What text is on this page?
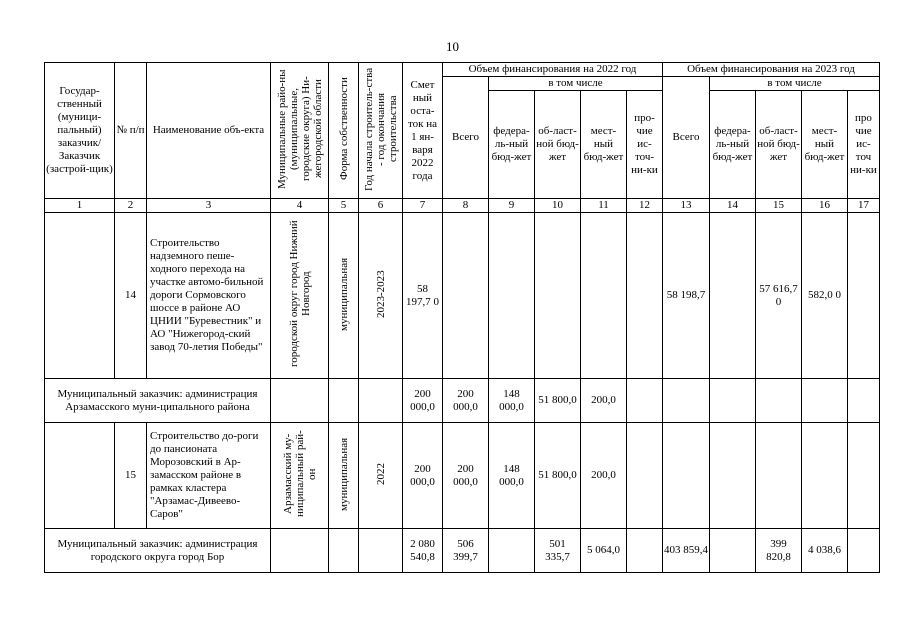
10
Государ-ственный (муници-пальный) заказчик/ Заказчик (застрой-щик)	№ п/п	Наименование объ-екта	Муниципальные райо-ны (муниципальные, городские округа) Ни-жегородской области	Форма собственности	Год начала строитель-ства - год окончания строительства	Смет ный оста-ток на 1 ян-варя 2022 года	Объем финансирования на 2022 год					Объем финансирования на 2023 год				
							Всего	в том числе				Всего	в том числе			
								федера-ль-ный бюд-жет	об-ласт-ной бюд-жет	мест-ный бюд-жет	про-чие ис-точ-ни-ки		федера-ль-ный бюд-жет	об-ласт-ной бюд-жет	мест-ный бюд-жет	про чие ис-точ ни-ки
1	2	3	4	5	6	7	8	9	10	11	12	13	14	15	16	17
	14	Строительство надземного пеше-ходного перехода на участке автомо-бильной дороги Сормовского шоссе в районе АО ЦНИИ "Буревестник" и АО "Нижегород-ский завод 70-летия Победы"	городской округ город Нижний Новгород	муниципальная	2023-2023	58 197,7 0						58 198,7		57 616,7 0	582,0 0	
Муниципальный заказчик: администрация Арзамасского муни-ципального района						200 000,0	200 000,0	148 000,0	51 800,0	200,0						
	15	Строительство до-роги до пансионата Морозовский в Ар-замасском районе в рамках кластера "Арзамас-Дивеево-Саров"	Арзамасский му-ниципальный рай-он	муниципальная	2022	200 000,0	200 000,0	148 000,0	51 800,0	200,0						
Муниципальный заказчик: администрация городского округа город Бор						2 080 540,8	506 399,7		501 335,7	5 064,0		403 859,4		399 820,8	4 038,6	
